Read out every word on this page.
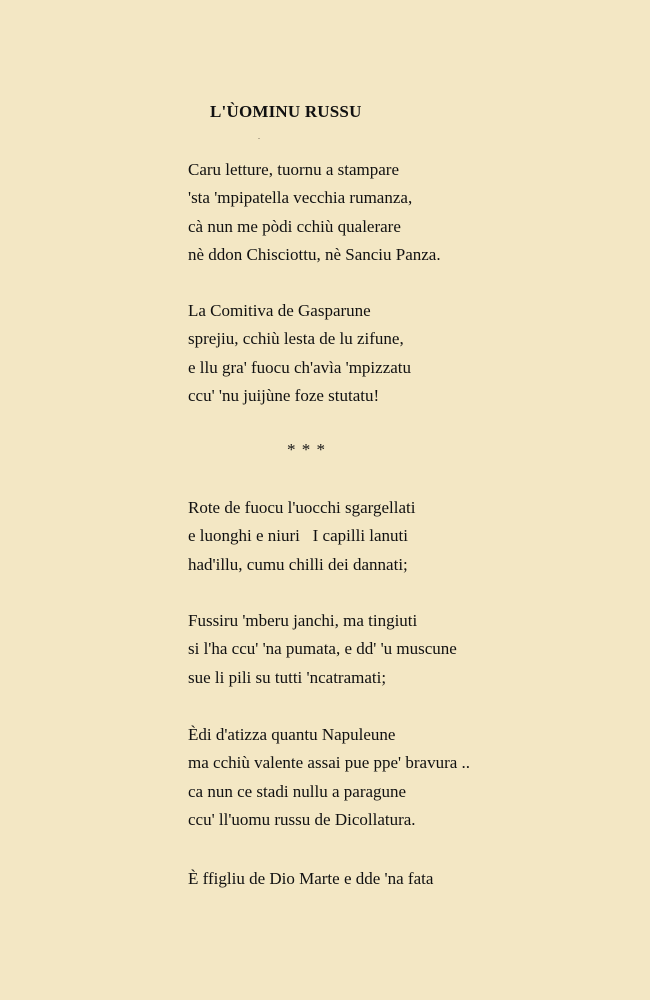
L'ÙOMINU RUSSU
Caru letture, tuornu a stampare
'sta 'mpipatella vecchia rumanza,
cà nun me pòdi cchiù qualerare
nè ddon Chisciottu, nè Sanciu Panza.
La Comitiva de Gasparune
sprejiu, cchiù lesta de lu zifune,
e llu gra' fuocu ch'avìa 'mpizzatu
ccu' 'nu juijùne foze stutatu!
* * *
Rote de fuocu l'uocchi sgargellati
e luonghi e niuri   I capilli lanuti
had'illu, cumu chilli dei dannati;
Fussiru 'mberu janchi, ma tingiuti
si l'ha ccu' 'na pumata, e dd' 'u muscune
sue li pili su tutti 'ncatramati;
Èdi d'atizza quantu Napuleune
ma cchiù valente assai pue ppe' bravura ..
ca nun ce stadi nullu a paragune
ccu' ll'uomu russu de Dicollatura.
È ffigliu de Dio Marte e dde 'na fata
